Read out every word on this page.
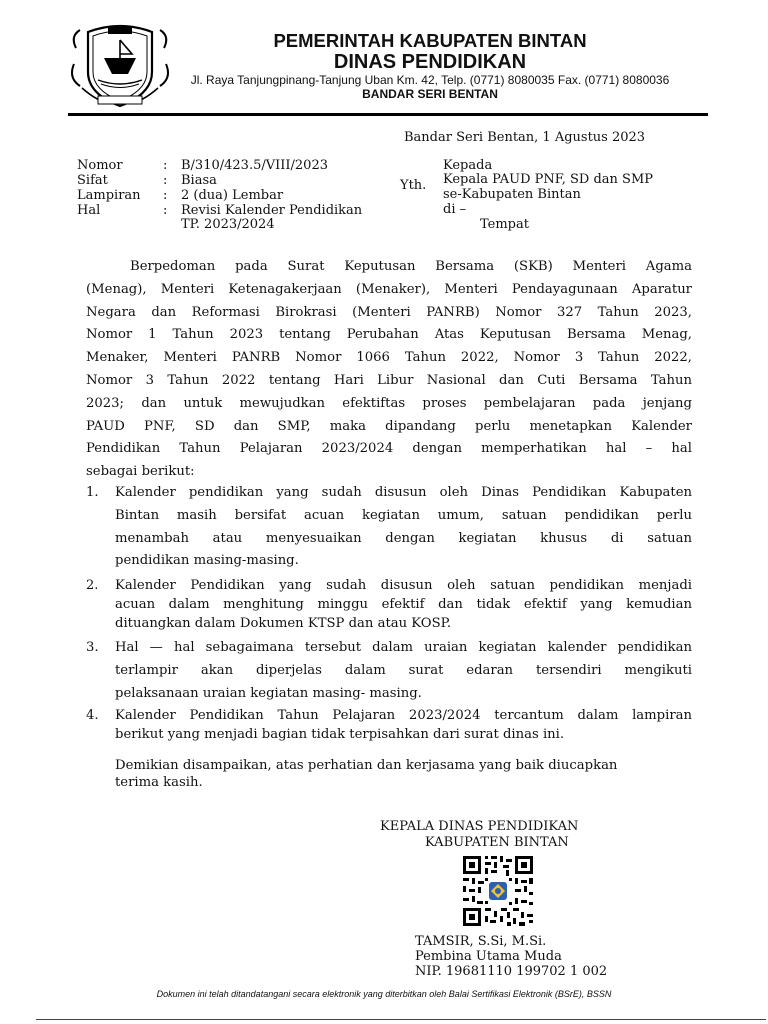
PEMERINTAH KABUPATEN BINTAN
DINAS PENDIDIKAN
Jl. Raya Tanjungpinang-Tanjung Uban Km. 42, Telp. (0771) 8080035 Fax. (0771) 8080036
BANDAR SERI BENTAN
Bandar Seri Bentan, 1 Agustus 2023
Nomor	: B/310/423.5/VIII/2023
Sifat	: Biasa
Lampiran : 2 (dua) Lembar
Hal	: Revisi Kalender Pendidikan
TP. 2023/2024
Kepada
Yth. Kepala PAUD PNF, SD dan SMP
se-Kabupaten Bintan
di –
Tempat
Berpedoman pada Surat Keputusan Bersama (SKB) Menteri Agama
(Menag), Menteri Ketenagakerjaan (Menaker), Menteri Pendayagunaan Aparatur
Negara dan Reformasi Birokrasi (Menteri PANRB) Nomor 327 Tahun 2023,
Nomor 1 Tahun 2023 tentang Perubahan Atas Keputusan Bersama Menag,
Menaker, Menteri PANRB Nomor 1066 Tahun 2022, Nomor 3 Tahun 2022,
Nomor 3 Tahun 2022 tentang Hari Libur Nasional dan Cuti Bersama Tahun
2023; dan untuk mewujudkan efektiftas proses pembelajaran pada jenjang
PAUD PNF, SD dan SMP, maka dipandang perlu menetapkan Kalender
Pendidikan Tahun Pelajaran 2023/2024 dengan memperhatikan hal – hal
sebagai berikut:
1. Kalender pendidikan yang sudah disusun oleh Dinas Pendidikan Kabupaten
Bintan masih bersifat acuan kegiatan umum, satuan pendidikan perlu
menambah atau menyesuaikan dengan kegiatan khusus di satuan
pendidikan masing-masing.
2. Kalender Pendidikan yang sudah disusun oleh satuan pendidikan menjadi
acuan dalam menghitung minggu efektif dan tidak efektif yang kemudian
dituangkan dalam Dokumen KTSP dan atau KOSP.
3. Hal — hal sebagaimana tersebut dalam uraian kegiatan kalender pendidikan
terlampir akan diperjelas dalam surat edaran tersendiri mengikuti
pelaksanaan uraian kegiatan masing- masing.
4. Kalender Pendidikan Tahun Pelajaran 2023/2024 tercantum dalam lampiran
berikut yang menjadi bagian tidak terpisahkan dari surat dinas ini.
Demikian disampaikan, atas perhatian dan kerjasama yang baik diucapkan
terima kasih.
KEPALA DINAS PENDIDIKAN
KABUPATEN BINTAN
TAMSIR, S.Si, M.Si.
Pembina Utama Muda
NIP. 19681110 199702 1 002
Dokumen ini telah ditandatangani secara elektronik yang diterbitkan oleh Balai Sertifikasi Elektronik (BSrE), BSSN
